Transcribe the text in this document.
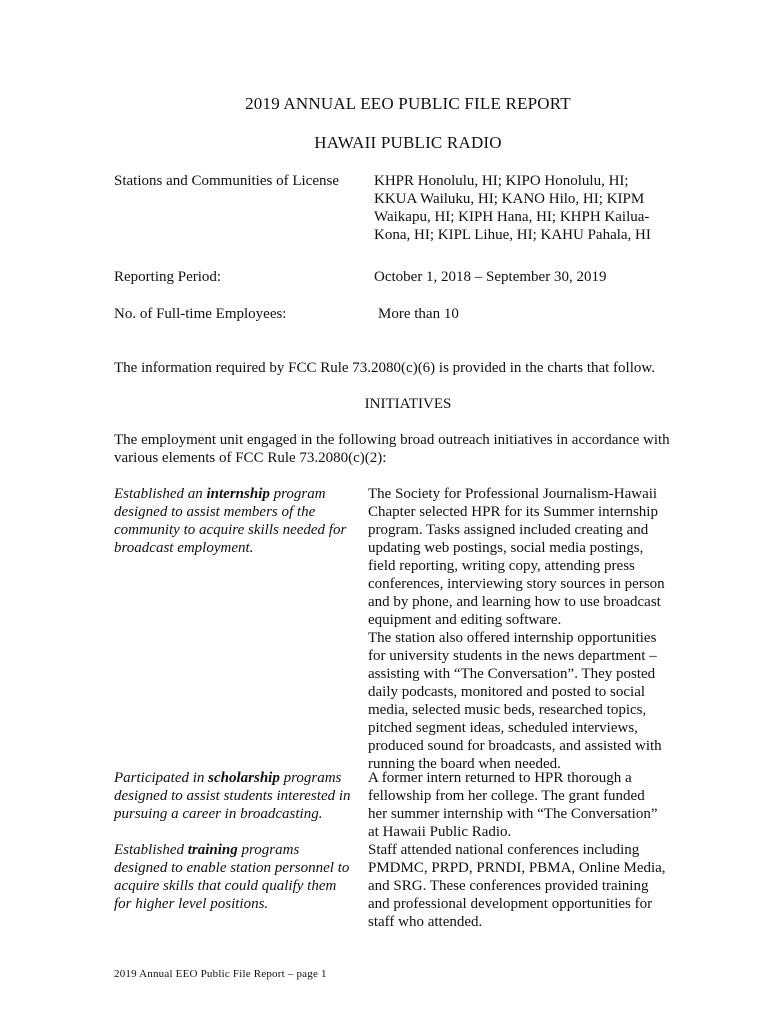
2019 ANNUAL EEO PUBLIC FILE REPORT
HAWAII PUBLIC RADIO
Stations and Communities of License KHPR Honolulu, HI; KIPO Honolulu, HI;
KKUA Wailuku, HI; KANO Hilo, HI; KIPM
Waikapu, HI; KIPH Hana, HI; KHPH Kailua-
Kona, HI; KIPL Lihue, HI; KAHU Pahala, HI
Reporting Period:	October 1, 2018 – September 30, 2019
No. of Full-time Employees:	More than 10
The information required by FCC Rule 73.2080(c)(6) is provided in the charts that follow.
INITIATIVES
The employment unit engaged in the following broad outreach initiatives in accordance with
various elements of FCC Rule 73.2080(c)(2):
Established an internship program
designed to assist members of the
community to acquire skills needed for
broadcast employment.
The Society for Professional Journalism-Hawaii
Chapter selected HPR for its Summer internship
program. Tasks assigned included creating and
updating web postings, social media postings,
field reporting, writing copy, attending press
conferences, interviewing story sources in person
and by phone, and learning how to use broadcast
equipment and editing software.
The station also offered internship opportunities
for university students in the news department –
assisting with “The Conversation”. They posted
daily podcasts, monitored and posted to social
media, selected music beds, researched topics,
pitched segment ideas, scheduled interviews,
produced sound for broadcasts, and assisted with
running the board when needed.
Participated in scholarship programs
designed to assist students interested in
pursuing a career in broadcasting.
A former intern returned to HPR thorough a
fellowship from her college. The grant funded
her summer internship with “The Conversation”
at Hawaii Public Radio.
Established training programs
designed to enable station personnel to
acquire skills that could qualify them
for higher level positions.
Staff attended national conferences including
PMDMC, PRPD, PRNDI, PBMA, Online Media,
and SRG. These conferences provided training
and professional development opportunities for
staff who attended.
2019 Annual EEO Public File Report – page 1
